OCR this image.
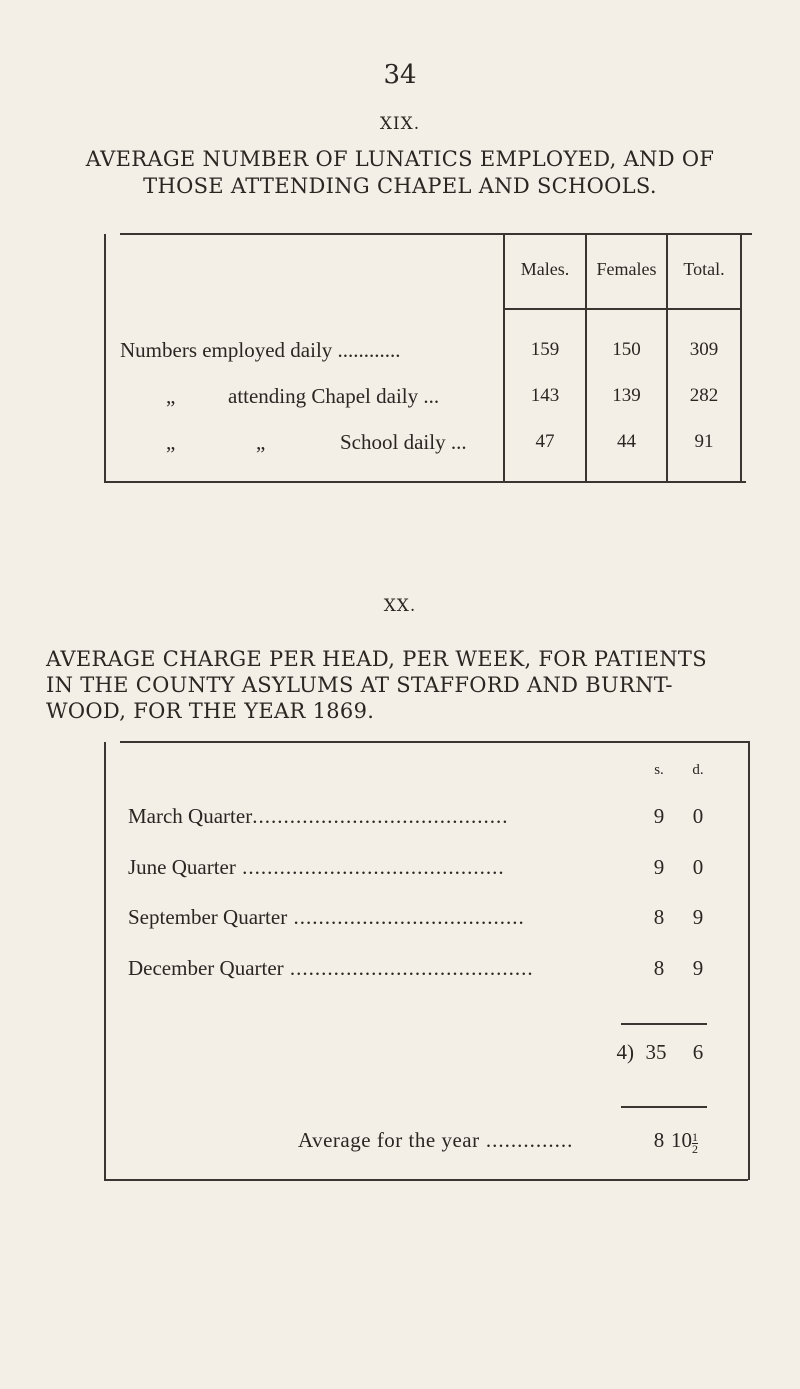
34
XIX.
AVERAGE NUMBER OF LUNATICS EMPLOYED, AND OF
THOSE ATTENDING CHAPEL AND SCHOOLS.
Males.	Females	Total.
Numbers employed daily ............	159	150	309
„	attending Chapel daily ...	143	139	282
„	„	School daily ...	47	44	91
XX.
AVERAGE CHARGE PER HEAD, PER WEEK, FOR PATIENTS
IN THE COUNTY ASYLUMS AT STAFFORD AND BURNT-
WOOD, FOR THE YEAR 1869.
s.	d.
March Quarter.........................................	9	0
June Quarter ..........................................	9	0
September Quarter .....................................	8	9
December Quarter .......................................	8	9
4) 35	6
Average for the year ..............	8 $10 \frac{1}{2}$
